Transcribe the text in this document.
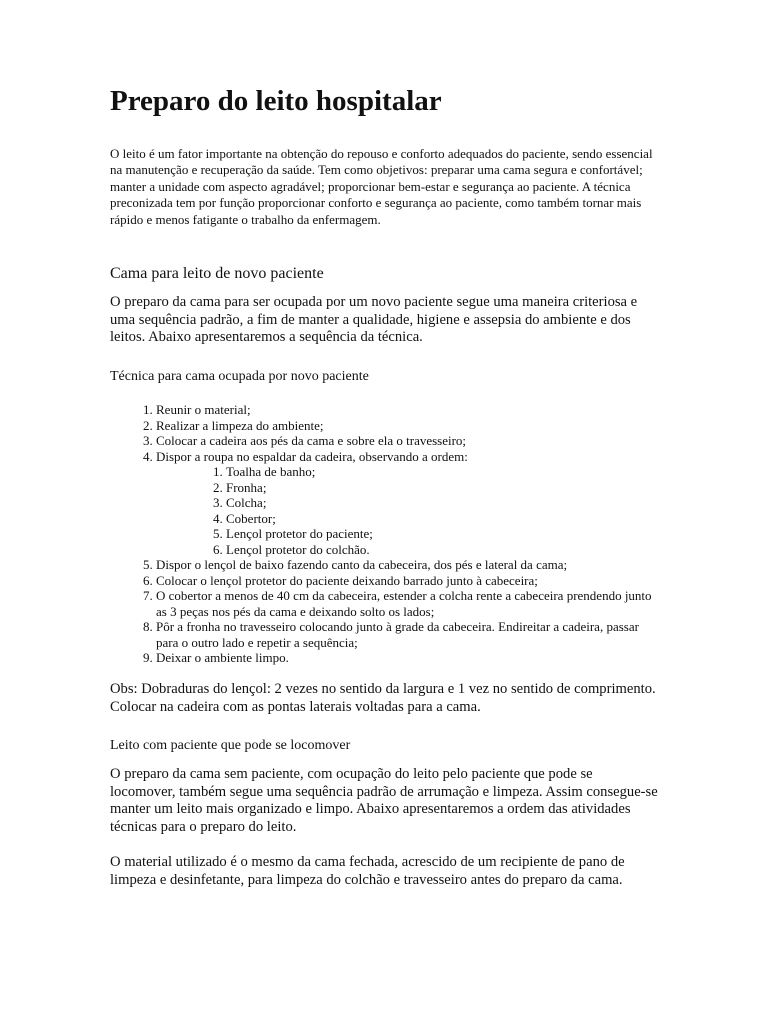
Preparo do leito hospitalar

O leito é um fator importante na obtenção do repouso e conforto adequados do paciente, sendo essencial na manutenção e recuperação da saúde. Tem como objetivos: preparar uma cama segura e confortável; manter a unidade com aspecto agradável; proporcionar bem-estar e segurança ao paciente. A técnica preconizada tem por função proporcionar conforto e segurança ao paciente, como também tornar mais rápido e menos fatigante o trabalho da enfermagem.

Cama para leito de novo paciente

O preparo da cama para ser ocupada por um novo paciente segue uma maneira criteriosa e uma sequência padrão, a fim de manter a qualidade, higiene e assepsia do ambiente e dos leitos. Abaixo apresentaremos a sequência da técnica.

Técnica para cama ocupada por novo paciente
1. Reunir o material;
2. Realizar a limpeza do ambiente;
3. Colocar a cadeira aos pés da cama e sobre ela o travesseiro;
4. Dispor a roupa no espaldar da cadeira, observando a ordem:
1. Toalha de banho;
2. Fronha;
3. Colcha;
4. Cobertor;
5. Lençol protetor do paciente;
6. Lençol protetor do colchão.
5. Dispor o lençol de baixo fazendo canto da cabeceira, dos pés e lateral da cama;
6. Colocar o lençol protetor do paciente deixando barrado junto à cabeceira;
7. O cobertor a menos de 40 cm da cabeceira, estender a colcha rente a cabeceira prendendo junto as 3 peças nos pés da cama e deixando solto os lados;
8. Pôr a fronha no travesseiro colocando junto à grade da cabeceira. Endireitar a cadeira, passar para o outro lado e repetir a sequência;
9. Deixar o ambiente limpo.

Obs: Dobraduras do lençol: 2 vezes no sentido da largura e 1 vez no sentido de comprimento. Colocar na cadeira com as pontas laterais voltadas para a cama.

Leito com paciente que pode se locomover

O preparo da cama sem paciente, com ocupação do leito pelo paciente que pode se locomover, também segue uma sequência padrão de arrumação e limpeza. Assim consegue-se manter um leito mais organizado e limpo. Abaixo apresentaremos a ordem das atividades técnicas para o preparo do leito.

O material utilizado é o mesmo da cama fechada, acrescido de um recipiente de pano de limpeza e desinfetante, para limpeza do colchão e travesseiro antes do preparo da cama.
